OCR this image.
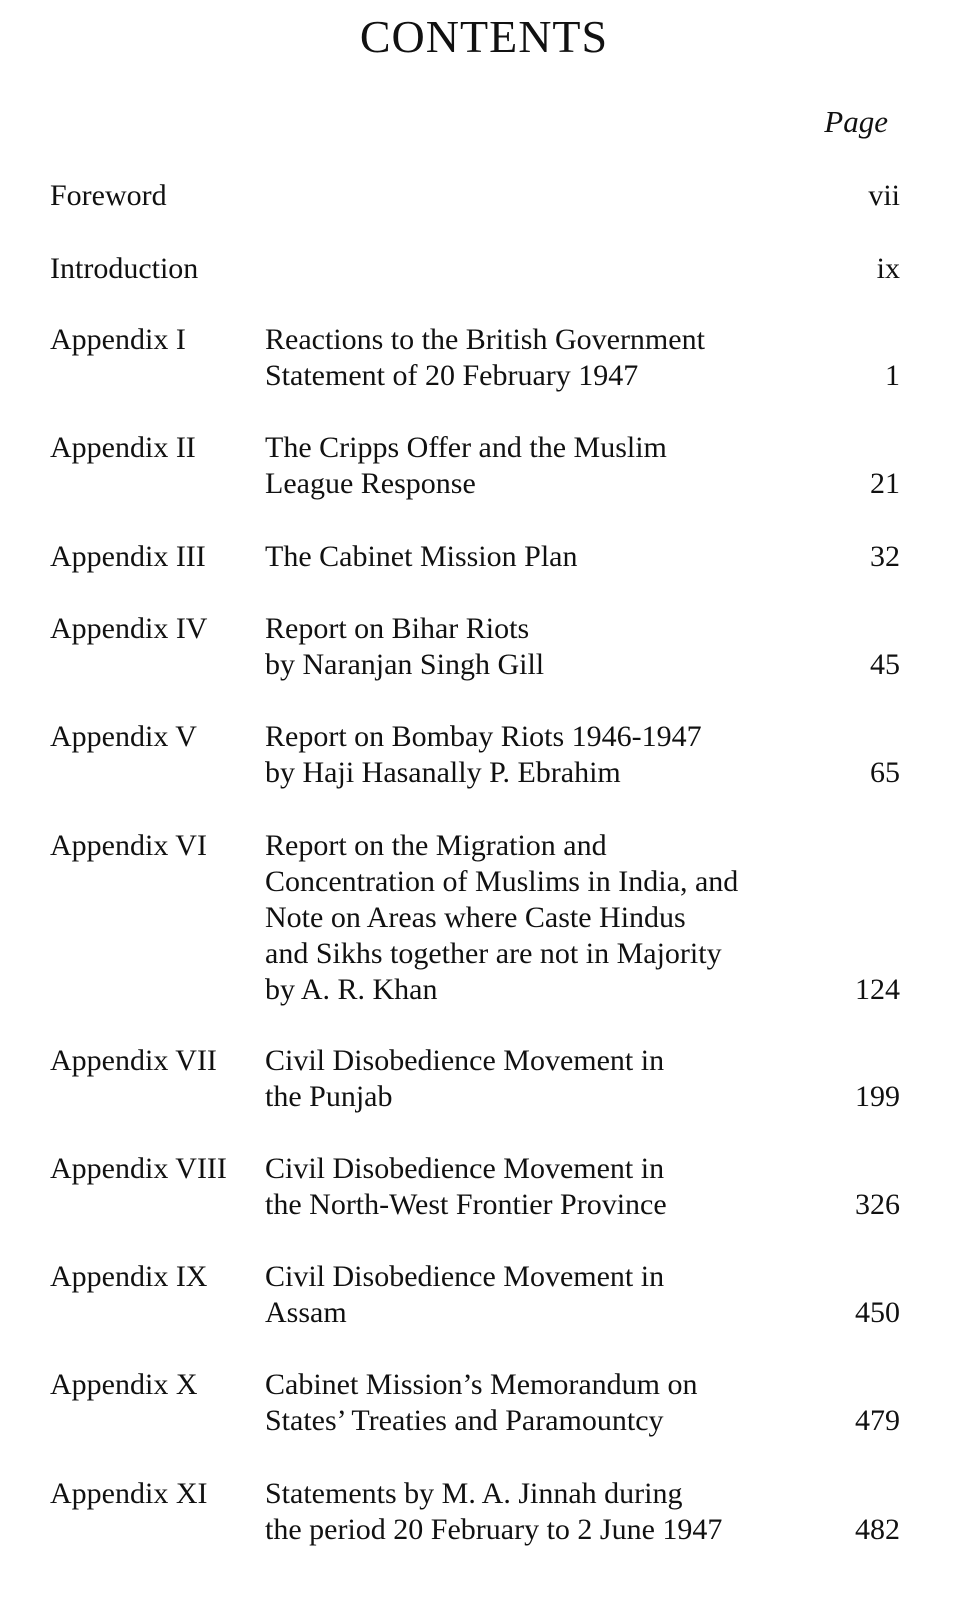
CONTENTS
Page
Foreword	vii
Introduction	ix
Appendix I	Reactions to the British Government
Statement of 20 February 1947	1
Appendix II The Cripps Offer and the Muslim
League Response	21
Appendix III The Cabinet Mission Plan	32
Appendix IV Report on Bihar Riots
by Naranjan Singh Gill	45
Appendix V Report on Bombay Riots 1946-1947
by Haji Hasanally P. Ebrahim	65
Appendix VI Report on the Migration and
Concentration of Muslims in India, and
Note on Areas where Caste Hindus
and Sikhs together are not in Majority
by A. R. Khan	124
Appendix VII Civil Disobedience Movement in
the Punjab	199
Appendix VIII Civil Disobedience Movement in
the North-West Frontier Province	326
Appendix IX Civil Disobedience Movement in
Assam	450
Appendix X Cabinet Mission’s Memorandum on
States’ Treaties and Paramountcy	479
Appendix XI Statements by M. A. Jinnah during
the period 20 February to 2 June 1947	482
